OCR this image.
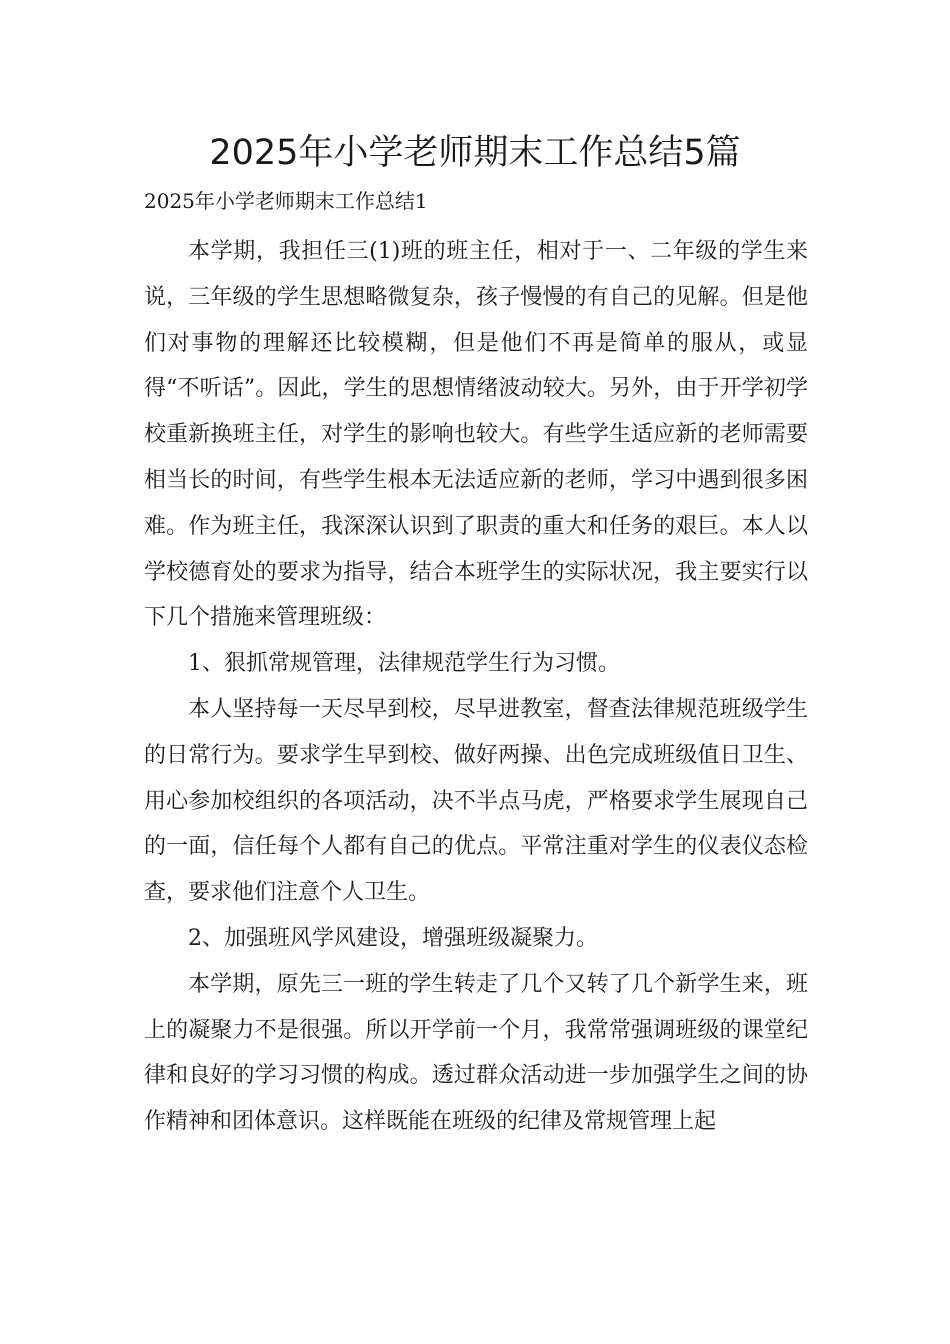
2025年小学老师期末工作总结5篇
2025年小学老师期末工作总结1

本学期，我担任三(1)班的班主任，相对于一、二年级的学生来说，三年级的学生思想略微复杂，孩子慢慢的有自己的见解。但是他们对事物的理解还比较模糊，但是他们不再是简单的服从，或显得“不听话”。因此，学生的思想情绪波动较大。另外，由于开学初学校重新换班主任，对学生的影响也较大。有些学生适应新的老师需要相当长的时间，有些学生根本无法适应新的老师，学习中遇到很多困难。作为班主任，我深深认识到了职责的重大和任务的艰巨。本人以学校德育处的要求为指导，结合本班学生的实际状况，我主要实行以下几个措施来管理班级：

1、狠抓常规管理，法律规范学生行为习惯。

本人坚持每一天尽早到校，尽早进教室，督查法律规范班级学生的日常行为。要求学生早到校、做好两操、出色完成班级值日卫生、用心参加校组织的各项活动，决不半点马虎，严格要求学生展现自己的一面，信任每个人都有自己的优点。平常注重对学生的仪表仪态检查，要求他们注意个人卫生。

2、加强班风学风建设，增强班级凝聚力。

本学期，原先三一班的学生转走了几个又转了几个新学生来，班上的凝聚力不是很强。所以开学前一个月，我常常强调班级的课堂纪律和良好的学习习惯的构成。透过群众活动进一步加强学生之间的协作精神和团体意识。这样既能在班级的纪律及常规管理上起
